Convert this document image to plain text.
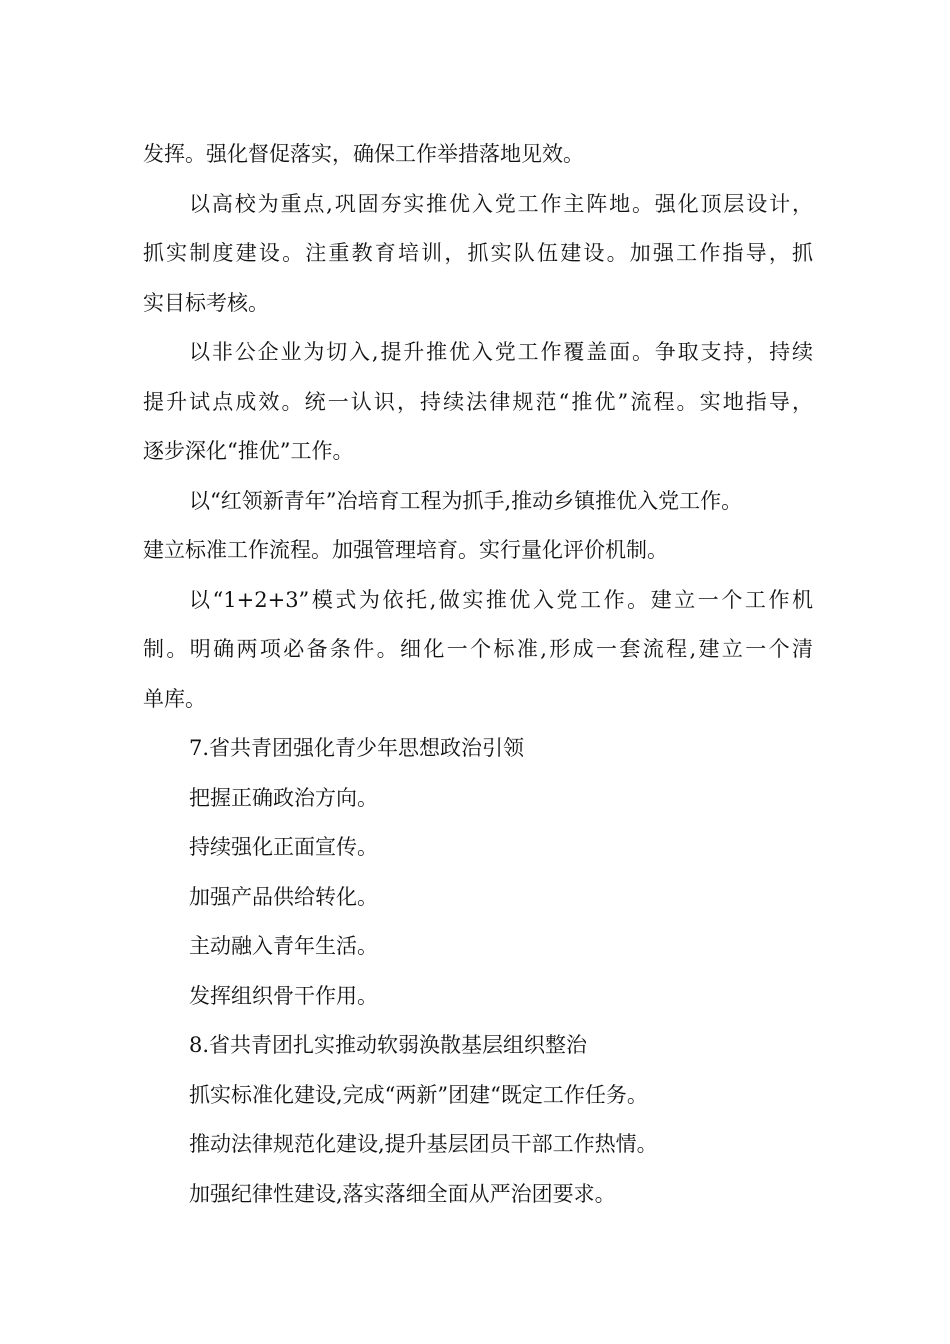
发挥。强化督促落实，确保工作举措落地见效。
以高校为重点,巩固夯实推优入党工作主阵地。强化顶层设计，
抓实制度建设。注重教育培训，抓实队伍建设。加强工作指导，抓
实目标考核。
以非公企业为切入,提升推优入党工作覆盖面。争取支持，持续
提升试点成效。统一认识，持续法律规范“推优”流程。实地指导，
逐步深化“推优”工作。
以“红领新青年”冶培育工程为抓手,推动乡镇推优入党工作。
建立标准工作流程。加强管理培育。实行量化评价机制。
以“1+2+3”模式为依托,做实推优入党工作。建立一个工作机
制。明确两项必备条件。细化一个标准,形成一套流程,建立一个清
单库。
7.省共青团强化青少年思想政治引领
把握正确政治方向。
持续强化正面宣传。
加强产品供给转化。
主动融入青年生活。
发挥组织骨干作用。
8.省共青团扎实推动软弱涣散基层组织整治
抓实标准化建设,完成“两新”团建“既定工作任务。
推动法律规范化建设,提升基层团员干部工作热情。
加强纪律性建设,落实落细全面从严治团要求。
